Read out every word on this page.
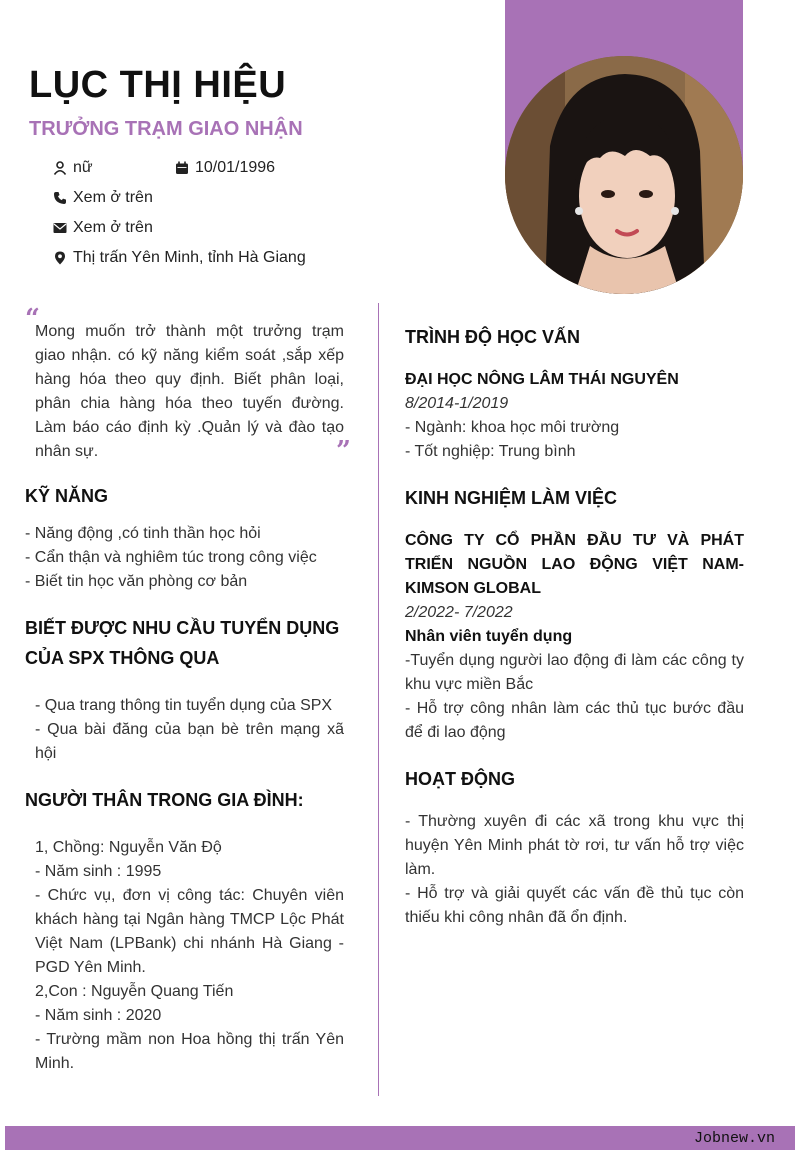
LỤC THỊ HIỆU
TRƯỞNG TRẠM GIAO NHẬN
nữ	10/01/1996
Xem ở trên
Xem ở trên
Thị trấn Yên Minh, tỉnh Hà Giang
“
Mong muốn trở thành một trưởng trạm giao nhận. có kỹ năng kiểm soát ,sắp xếp hàng hóa theo quy định. Biết phân loại, phân chia hàng hóa theo tuyến đường. Làm báo cáo định kỳ .Quản lý và đào tạo nhân sự.	”
KỸ NĂNG

- Năng động ,có tinh thần học hỏi

- Cẩn thận và nghiêm túc trong công việc

- Biết tin học văn phòng cơ bản

BIẾT ĐƯỢC NHU CẦU TUYỂN DỤNG CỦA SPX THÔNG QUA

- Qua trang thông tin tuyển dụng của SPX

- Qua bài đăng của bạn bè trên mạng xã hội

NGƯỜI THÂN TRONG GIA ĐÌNH:

1, Chồng: Nguyễn Văn Độ

- Năm sinh : 1995

- Chức vụ, đơn vị công tác: Chuyên viên khách hàng tại Ngân hàng TMCP Lộc Phát Việt Nam (LPBank) chi nhánh Hà Giang - PGD Yên Minh.

2,Con : Nguyễn Quang Tiến

- Năm sinh : 2020

- Trường mầm non Hoa hồng thị trấn Yên Minh.

TRÌNH ĐỘ HỌC VẤN

ĐẠI HỌC NÔNG LÂM THÁI NGUYÊN

8/2014-1/2019

- Ngành: khoa học môi trường

- Tốt nghiệp: Trung bình

KINH NGHIỆM LÀM VIỆC

CÔNG TY CỔ PHẦN ĐẦU TƯ VÀ PHÁT TRIỂN NGUỒN LAO ĐỘNG VIỆT NAM-KIMSON GLOBAL

2/2022- 7/2022

Nhân viên tuyển dụng

-Tuyển dụng người lao động đi làm các công ty khu vực miền Bắc

- Hỗ trợ công nhân làm các thủ tục bước đầu để đi lao động

HOẠT ĐỘNG

- Thường xuyên đi các xã trong khu vực thị huyện Yên Minh phát tờ rơi, tư vấn hỗ trợ việc làm.

- Hỗ trợ và giải quyết các vấn đề thủ tục còn thiếu khi công nhân đã ổn định.

Jobnew.vn
